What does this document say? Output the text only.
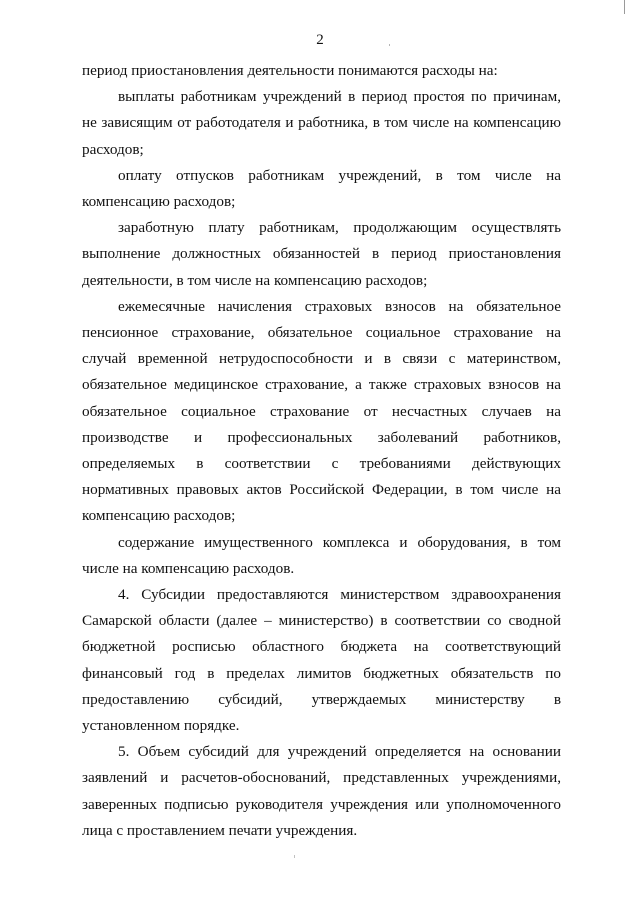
2

период приостановления деятельности понимаются расходы на:

выплаты работникам учреждений в период простоя по причинам, не зависящим от работодателя и работника, в том числе на компенсацию расходов;

оплату отпусков работникам учреждений, в том числе на компенсацию расходов;

заработную плату работникам, продолжающим осуществлять выполнение должностных обязанностей в период приостановления деятельности, в том числе на компенсацию расходов;

ежемесячные начисления страховых взносов на обязательное пенсионное страхование, обязательное социальное страхование на случай временной нетрудоспособности и в связи с материнством, обязательное медицинское страхование, а также страховых взносов на обязательное социальное страхование от несчастных случаев на производстве и профессиональных заболеваний работников, определяемых в соответствии с требованиями действующих нормативных правовых актов Российской Федерации, в том числе на компенсацию расходов;

содержание имущественного комплекса и оборудования, в том числе на компенсацию расходов.

4. Субсидии предоставляются министерством здравоохранения Самарской области (далее – министерство) в соответствии со сводной бюджетной росписью областного бюджета на соответствующий финансовый год в пределах лимитов бюджетных обязательств по предоставлению субсидий, утверждаемых министерству в установленном порядке.

5. Объем субсидий для учреждений определяется на основании заявлений и расчетов-обоснований, представленных учреждениями, заверенных подписью руководителя учреждения или уполномоченного лица с проставлением печати учреждения.
